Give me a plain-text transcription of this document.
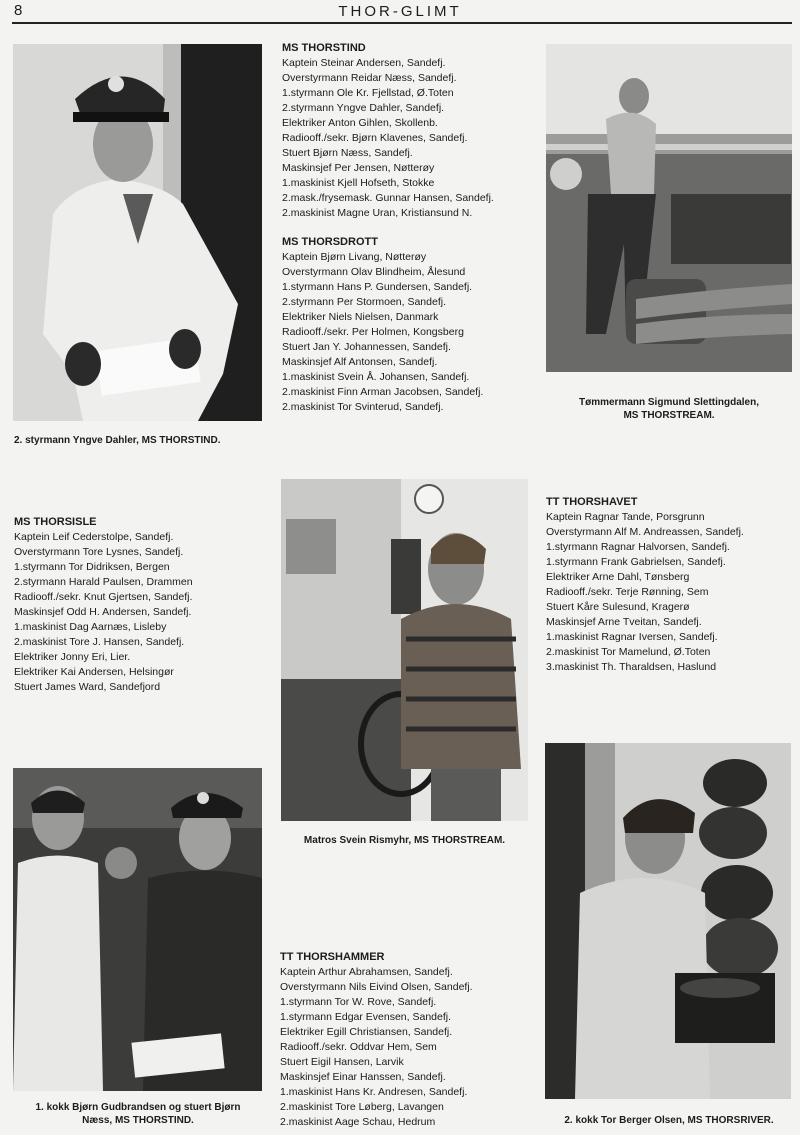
8	THOR-GLIMT
2. styrmann Yngve Dahler, MS THORSTIND.
MS THORSTIND
Kaptein Steinar Andersen, Sandefj.
Overstyrmann Reidar Næss, Sandefj.
1.styrmann Ole Kr. Fjellstad, Ø.Toten
2.styrmann Yngve Dahler, Sandefj.
Elektriker Anton Gihlen, Skollenb.
Radiooff./sekr. Bjørn Klavenes, Sandefj.
Stuert Bjørn Næss, Sandefj.
Maskinsjef Per Jensen, Nøtterøy
1.maskinist Kjell Hofseth, Stokke
2.mask./frysemask. Gunnar Hansen, Sandefj.
2.maskinist Magne Uran, Kristiansund N.
MS THORSDROTT
Kaptein Bjørn Livang, Nøtterøy
Overstyrmann Olav Blindheim, Ålesund
1.styrmann Hans P. Gundersen, Sandefj.
2.styrmann Per Stormoen, Sandefj.
Elektriker Niels Nielsen, Danmark
Radiooff./sekr. Per Holmen, Kongsberg
Stuert Jan Y. Johannessen, Sandefj.
Maskinsjef Alf Antonsen, Sandefj.
1.maskinist Svein Å. Johansen, Sandefj.
2.maskinist Finn Arman Jacobsen, Sandefj.
2.maskinist Tor Svinterud, Sandefj.	Tømmermann Sigmund Slettingdalen,
MS THORSTREAM.
MS THORSISLE
Kaptein Leif Cederstolpe, Sandefj.
Overstyrmann Tore Lysnes, Sandefj.
1.styrmann Tor Didriksen, Bergen
2.styrmann Harald Paulsen, Drammen
Radiooff./sekr. Knut Gjertsen, Sandefj.
Maskinsjef Odd H. Andersen, Sandefj.
1.maskinist Dag Aarnæs, Lisleby
2.maskinist Tore J. Hansen, Sandefj.
Elektriker Jonny Eri, Lier.
Elektriker Kai Andersen, Helsingør
Stuert James Ward, Sandefjord
Matros Svein Rismyhr, MS THORSTREAM.
TT THORSHAVET
Kaptein Ragnar Tande, Porsgrunn
Overstyrmann Alf M. Andreassen, Sandefj.
1.styrmann Ragnar Halvorsen, Sandefj.
1.styrmann Frank Gabrielsen, Sandefj.
Elektriker Arne Dahl, Tønsberg
Radiooff./sekr. Terje Rønning, Sem
Stuert Kåre Sulesund, Kragerø
Maskinsjef Arne Tveitan, Sandefj.
1.maskinist Ragnar Iversen, Sandefj.
2.maskinist Tor Mamelund, Ø.Toten
3.maskinist Th. Tharaldsen, Haslund
1. kokk Bjørn Gudbrandsen og stuert Bjørn
Næss, MS THORSTIND.
TT THORSHAMMER
Kaptein Arthur Abrahamsen, Sandefj.
Overstyrmann Nils Eivind Olsen, Sandefj.
1.styrmann Tor W. Rove, Sandefj.
1.styrmann Edgar Evensen, Sandefj.
Elektriker Egill Christiansen, Sandefj.
Radiooff./sekr. Oddvar Hem, Sem
Stuert Eigil Hansen, Larvik
Maskinsjef Einar Hanssen, Sandefj.
1.maskinist Hans Kr. Andresen, Sandefj.
2.maskinist Tore Løberg, Lavangen
2.maskinist Aage Schau, Hedrum	2. kokk Tor Berger Olsen, MS THORSRIVER.
